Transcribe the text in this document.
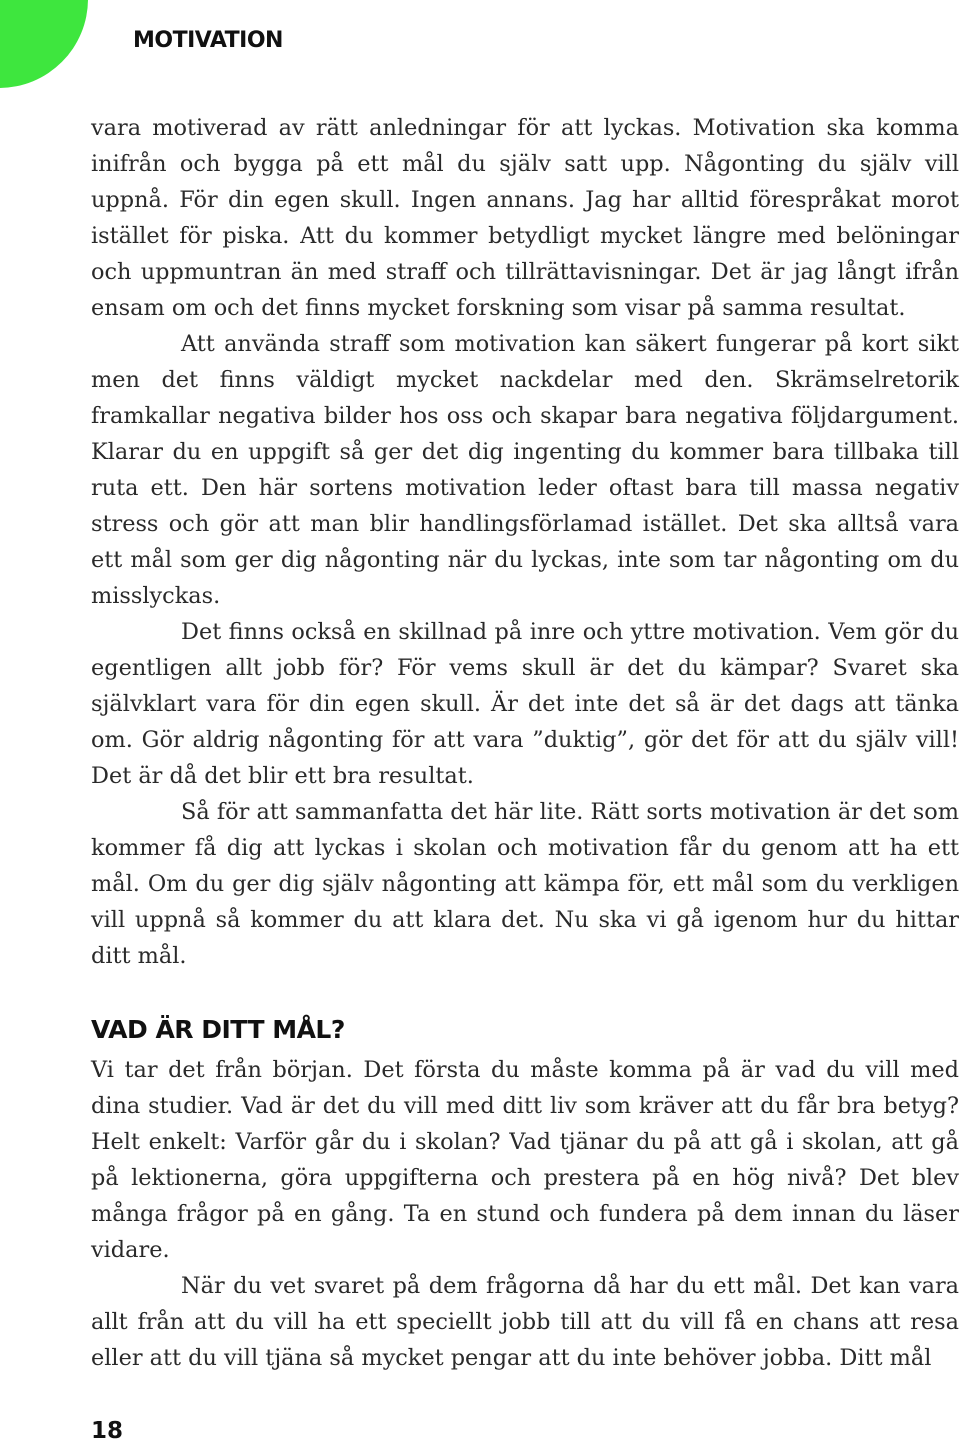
MOTIVATION

vara motiverad av rätt anledningar för att lyckas. Motivation ska komma inifrån och bygga på ett mål du själv satt upp. Någonting du själv vill uppnå. För din egen skull. Ingen annans. Jag har alltid förespråkat morot istället för piska. Att du kommer betydligt mycket längre med belöningar och uppmuntran än med straff och tillrättavisningar. Det är jag långt ifrån ensam om och det finns mycket forskning som visar på samma resultat.

Att använda straff som motivation kan säkert fungerar på kort sikt men det finns väldigt mycket nackdelar med den. Skrämselretorik framkallar negativa bilder hos oss och skapar bara negativa följdargument. Klarar du en uppgift så ger det dig ingenting du kommer bara tillbaka till ruta ett. Den här sortens motivation leder oftast bara till massa negativ stress och gör att man blir handlingsförlamad istället. Det ska alltså vara ett mål som ger dig någonting när du lyckas, inte som tar någonting om du misslyckas.

Det finns också en skillnad på inre och yttre motivation. Vem gör du egentligen allt jobb för? För vems skull är det du kämpar? Svaret ska självklart vara för din egen skull. Är det inte det så är det dags att tänka om. Gör aldrig någonting för att vara ”duktig”, gör det för att du själv vill! Det är då det blir ett bra resultat.

Så för att sammanfatta det här lite. Rätt sorts motivation är det som kommer få dig att lyckas i skolan och motivation får du genom att ha ett mål. Om du ger dig själv någonting att kämpa för, ett mål som du verkligen vill uppnå så kommer du att klara det. Nu ska vi gå igenom hur du hittar ditt mål.

VAD ÄR DITT MÅL?

Vi tar det från början. Det första du måste komma på är vad du vill med dina studier. Vad är det du vill med ditt liv som kräver att du får bra betyg? Helt enkelt: Varför går du i skolan? Vad tjänar du på att gå i skolan, att gå på lektionerna, göra uppgifterna och prestera på en hög nivå? Det blev många frågor på en gång. Ta en stund och fundera på dem innan du läser vidare.

När du vet svaret på dem frågorna då har du ett mål. Det kan vara allt från att du vill ha ett speciellt jobb till att du vill få en chans att resa eller att du vill tjäna så mycket pengar att du inte behöver jobba. Ditt mål

18
